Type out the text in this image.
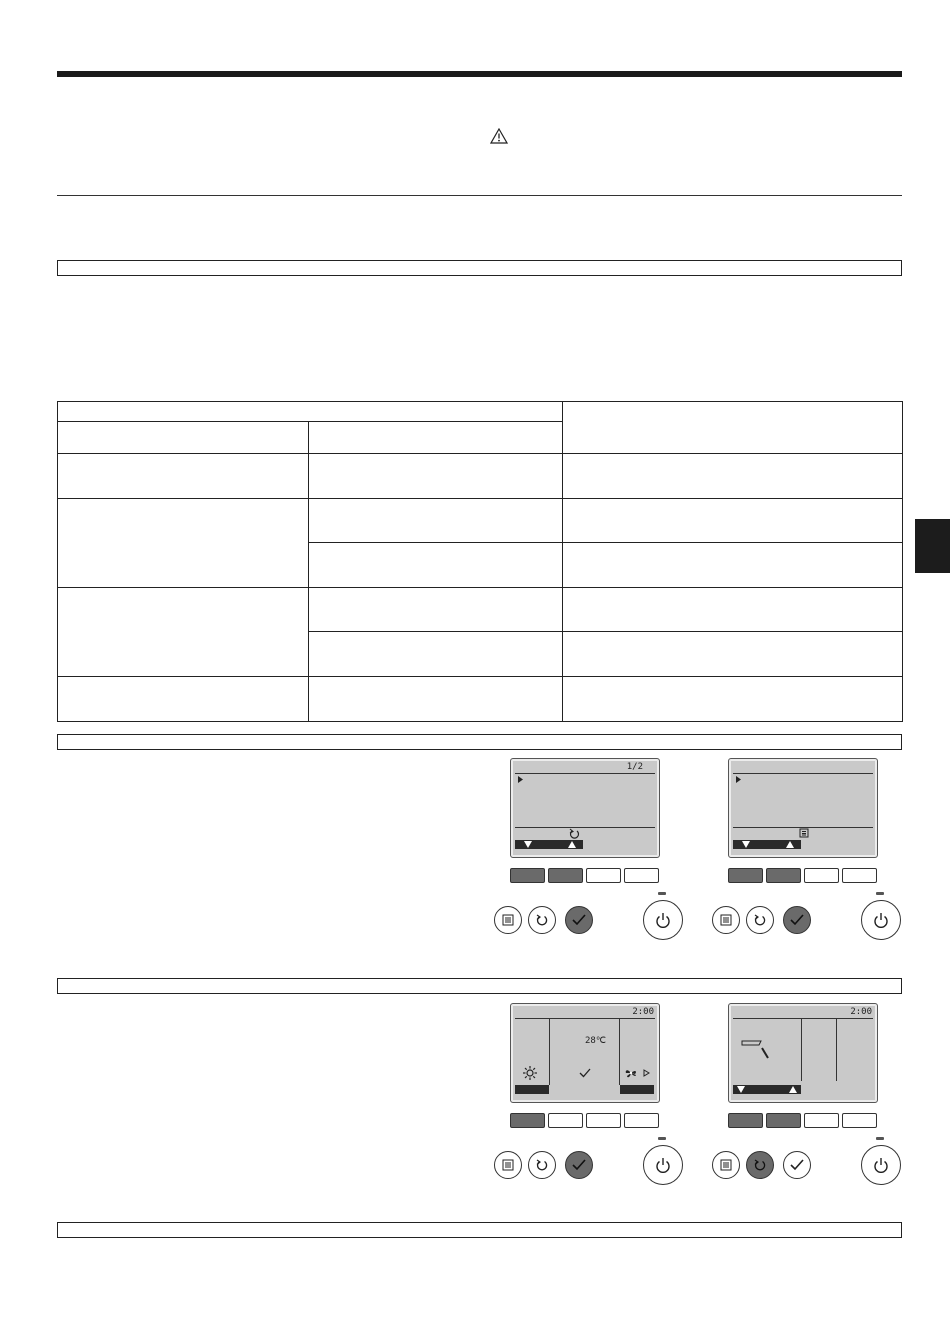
1/2
2:00
28℃
2:00
